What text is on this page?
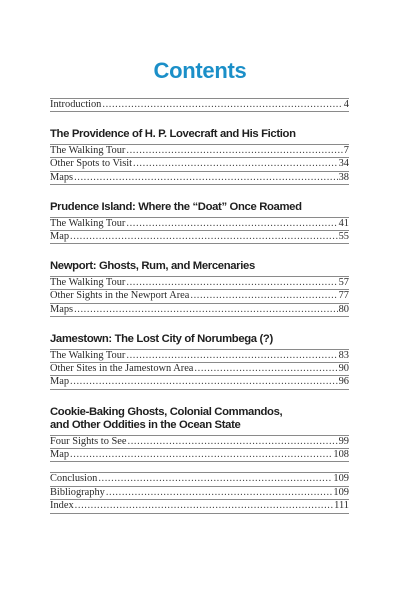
Contents
Introduction .....	4
The Providence of H. P. Lovecraft and His Fiction
The Walking Tour .....	7
Other Spots to Visit .....	34
Maps .....	38
Prudence Island: Where the “Doat” Once Roamed
The Walking Tour .....	41
Map .....	55
Newport: Ghosts, Rum, and Mercenaries
The Walking Tour .....	57
Other Sights in the Newport Area .....	77
Maps .....	80
Jamestown: The Lost City of Norumbega (?)
The Walking Tour .....	83
Other Sites in the Jamestown Area .....	90
Map .....	96
Cookie-Baking Ghosts, Colonial Commandos,
and Other Oddities in the Ocean State
Four Sights to See .....	99
Map .....	108
Conclusion .....	109
Bibliography .....	109
Index .....	111
